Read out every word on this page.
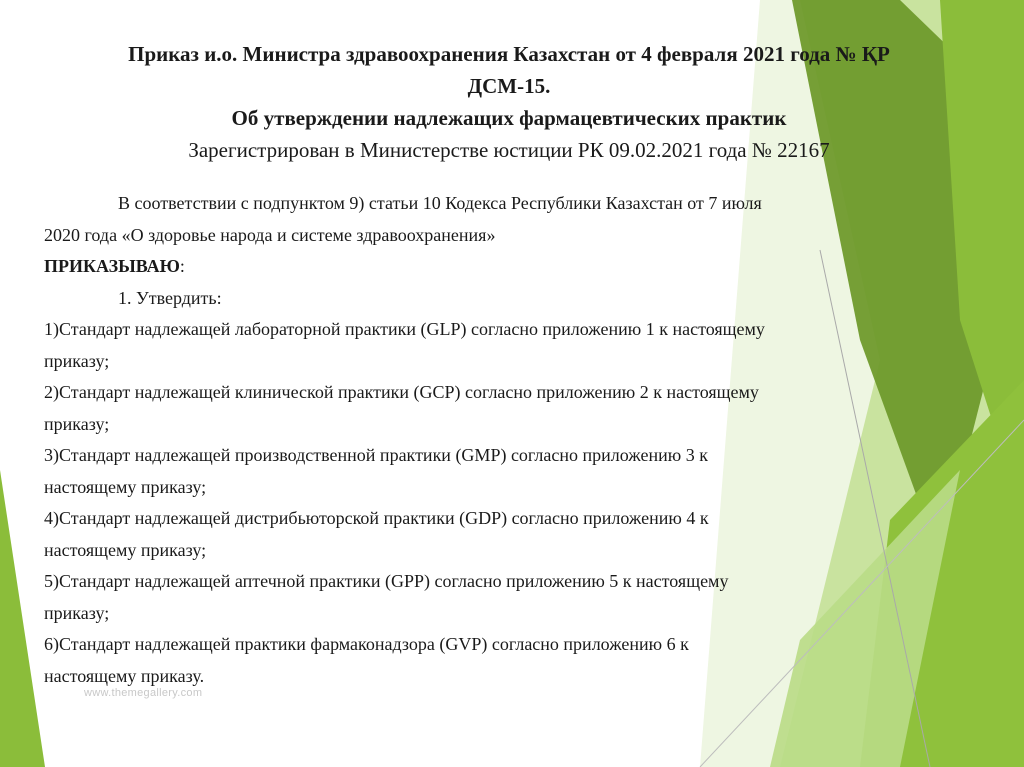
Приказ и.о. Министра здравоохранения Казахстан от 4 февраля 2021 года № ҚР

ДСМ-15.

Об утверждении надлежащих фармацевтических практик

Зарегистрирован в Министерстве юстиции РК 09.02.2021 года № 22167

В соответствии с подпунктом 9) статьи 10 Кодекса Республики Казахстан от 7 июля

2020 года «О здоровье народа и системе здравоохранения»

ПРИКАЗЫВАЮ:

1. Утвердить:

1)Стандарт надлежащей лабораторной практики (GLP) согласно приложению 1 к настоящему

приказу;

2)Стандарт надлежащей клинической практики (GCP) согласно приложению 2 к настоящему

приказу;

3)Стандарт надлежащей производственной практики (GMP) согласно приложению 3 к

настоящему приказу;

4)Стандарт надлежащей дистрибьюторской практики (GDP) согласно приложению 4 к

настоящему приказу;

5)Стандарт надлежащей аптечной практики (GPP) согласно приложению 5 к настоящему

приказу;

6)Стандарт надлежащей практики фармаконадзора (GVP) согласно приложению 6 к

настоящему приказу.

www.themegallery.com
